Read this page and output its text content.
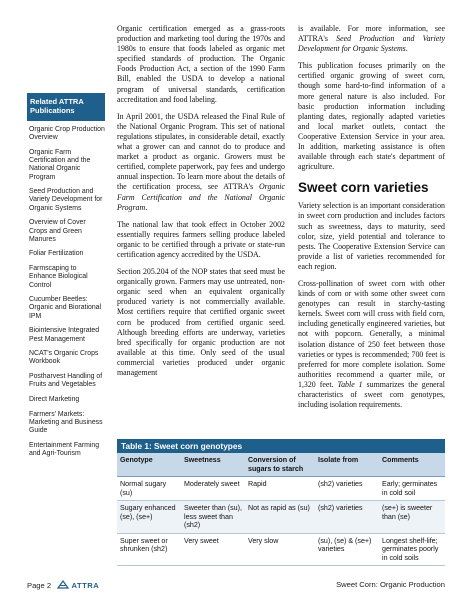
Related ATTRA Publications
Organic Crop Production Overview
Organic Farm Certification and the National Organic Program
Seed Production and Variety Development for Organic Systems
Overview of Cover Crops and Green Manures
Foliar Fertilization
Farmscaping to Enhance Biological Control
Cucumber Beetles: Organic and Biorational IPM
Biointensive Integrated Pest Management
NCAT's Organic Crops Workbook
Postharvest Handling of Fruits and Vegetables
Direct Marketing
Farmers' Markets: Marketing and Business Guide
Entertainment Farming and Agri-Tourism

Organic certification emerged as a grass-roots production and marketing tool during the 1970s and 1980s to ensure that foods labeled as organic met specified standards of production. The Organic Foods Production Act, a section of the 1990 Farm Bill, enabled the USDA to develop a national program of universal standards, certification accreditation and food labeling.

In April 2001, the USDA released the Final Rule of the National Organic Program. This set of national regulations stipulates, in considerable detail, exactly what a grower can and cannot do to produce and market a product as organic. Growers must be certified, complete paperwork, pay fees and undergo annual inspection. To learn more about the details of the certification process, see ATTRA's Organic Farm Certification and the National Organic Program.

The national law that took effect in October 2002 essentially requires farmers selling produce labeled organic to be certified through a private or state-run certification agency accredited by the USDA.

Section 205.204 of the NOP states that seed must be organically grown. Farmers may use untreated, non-organic seed when an equivalent organically produced variety is not commercially available. Most certifiers require that certified organic sweet corn be produced from certified organic seed. Although breeding efforts are underway, varieties bred specifically for organic production are not available at this time. Only seed of the usual commercial varieties produced under organic management

is available. For more information, see ATTRA's Seed Production and Variety Development for Organic Systems.

This publication focuses primarily on the certified organic growing of sweet corn, though some hard-to-find information of a more general nature is also included. For basic production information including planting dates, regionally adapted varieties and local market outlets, contact the Cooperative Extension Service in your area. In addition, marketing assistance is often available through each state's department of agriculture.

Sweet corn varieties

Variety selection is an important consideration in sweet corn production and includes factors such as sweetness, days to maturity, seed color, size, yield potential and tolerance to pests. The Cooperative Extension Service can provide a list of varieties recommended for each region.

Cross-pollination of sweet corn with other kinds of corn or with some other sweet corn genotypes can result in starchy-tasting kernels. Sweet corn will cross with field corn, including genetically engineered varieties, but not with popcorn. Generally, a minimal isolation distance of 250 feet between those varieties or types is recommended; 700 feet is preferred for more complete isolation. Some authorities recommend a quarter mile, or 1,320 feet. Table 1 summarizes the general characteristics of sweet corn genotypes, including isolation requirements.

Table 1: Sweet corn genotypes
Genotype	Sweetness	Conversion of sugars to starch	Isolate from	Comments
Normal sugary (su)	Moderately sweet	Rapid	(sh2) varieties	Early; germinates in cold soil
Sugary enhanced (se), (se+)	Sweeter than (su), less sweet than (sh2)	Not as rapid as (su)	(sh2) varieties	(se+) is sweeter than (se)
Super sweet or shrunken (sh2)	Very sweet	Very slow	(su), (se) & (se+) varieties	Longest shelf-life; germinates poorly in cold soils
Page 2	ATTRA	Sweet Corn: Organic Production
